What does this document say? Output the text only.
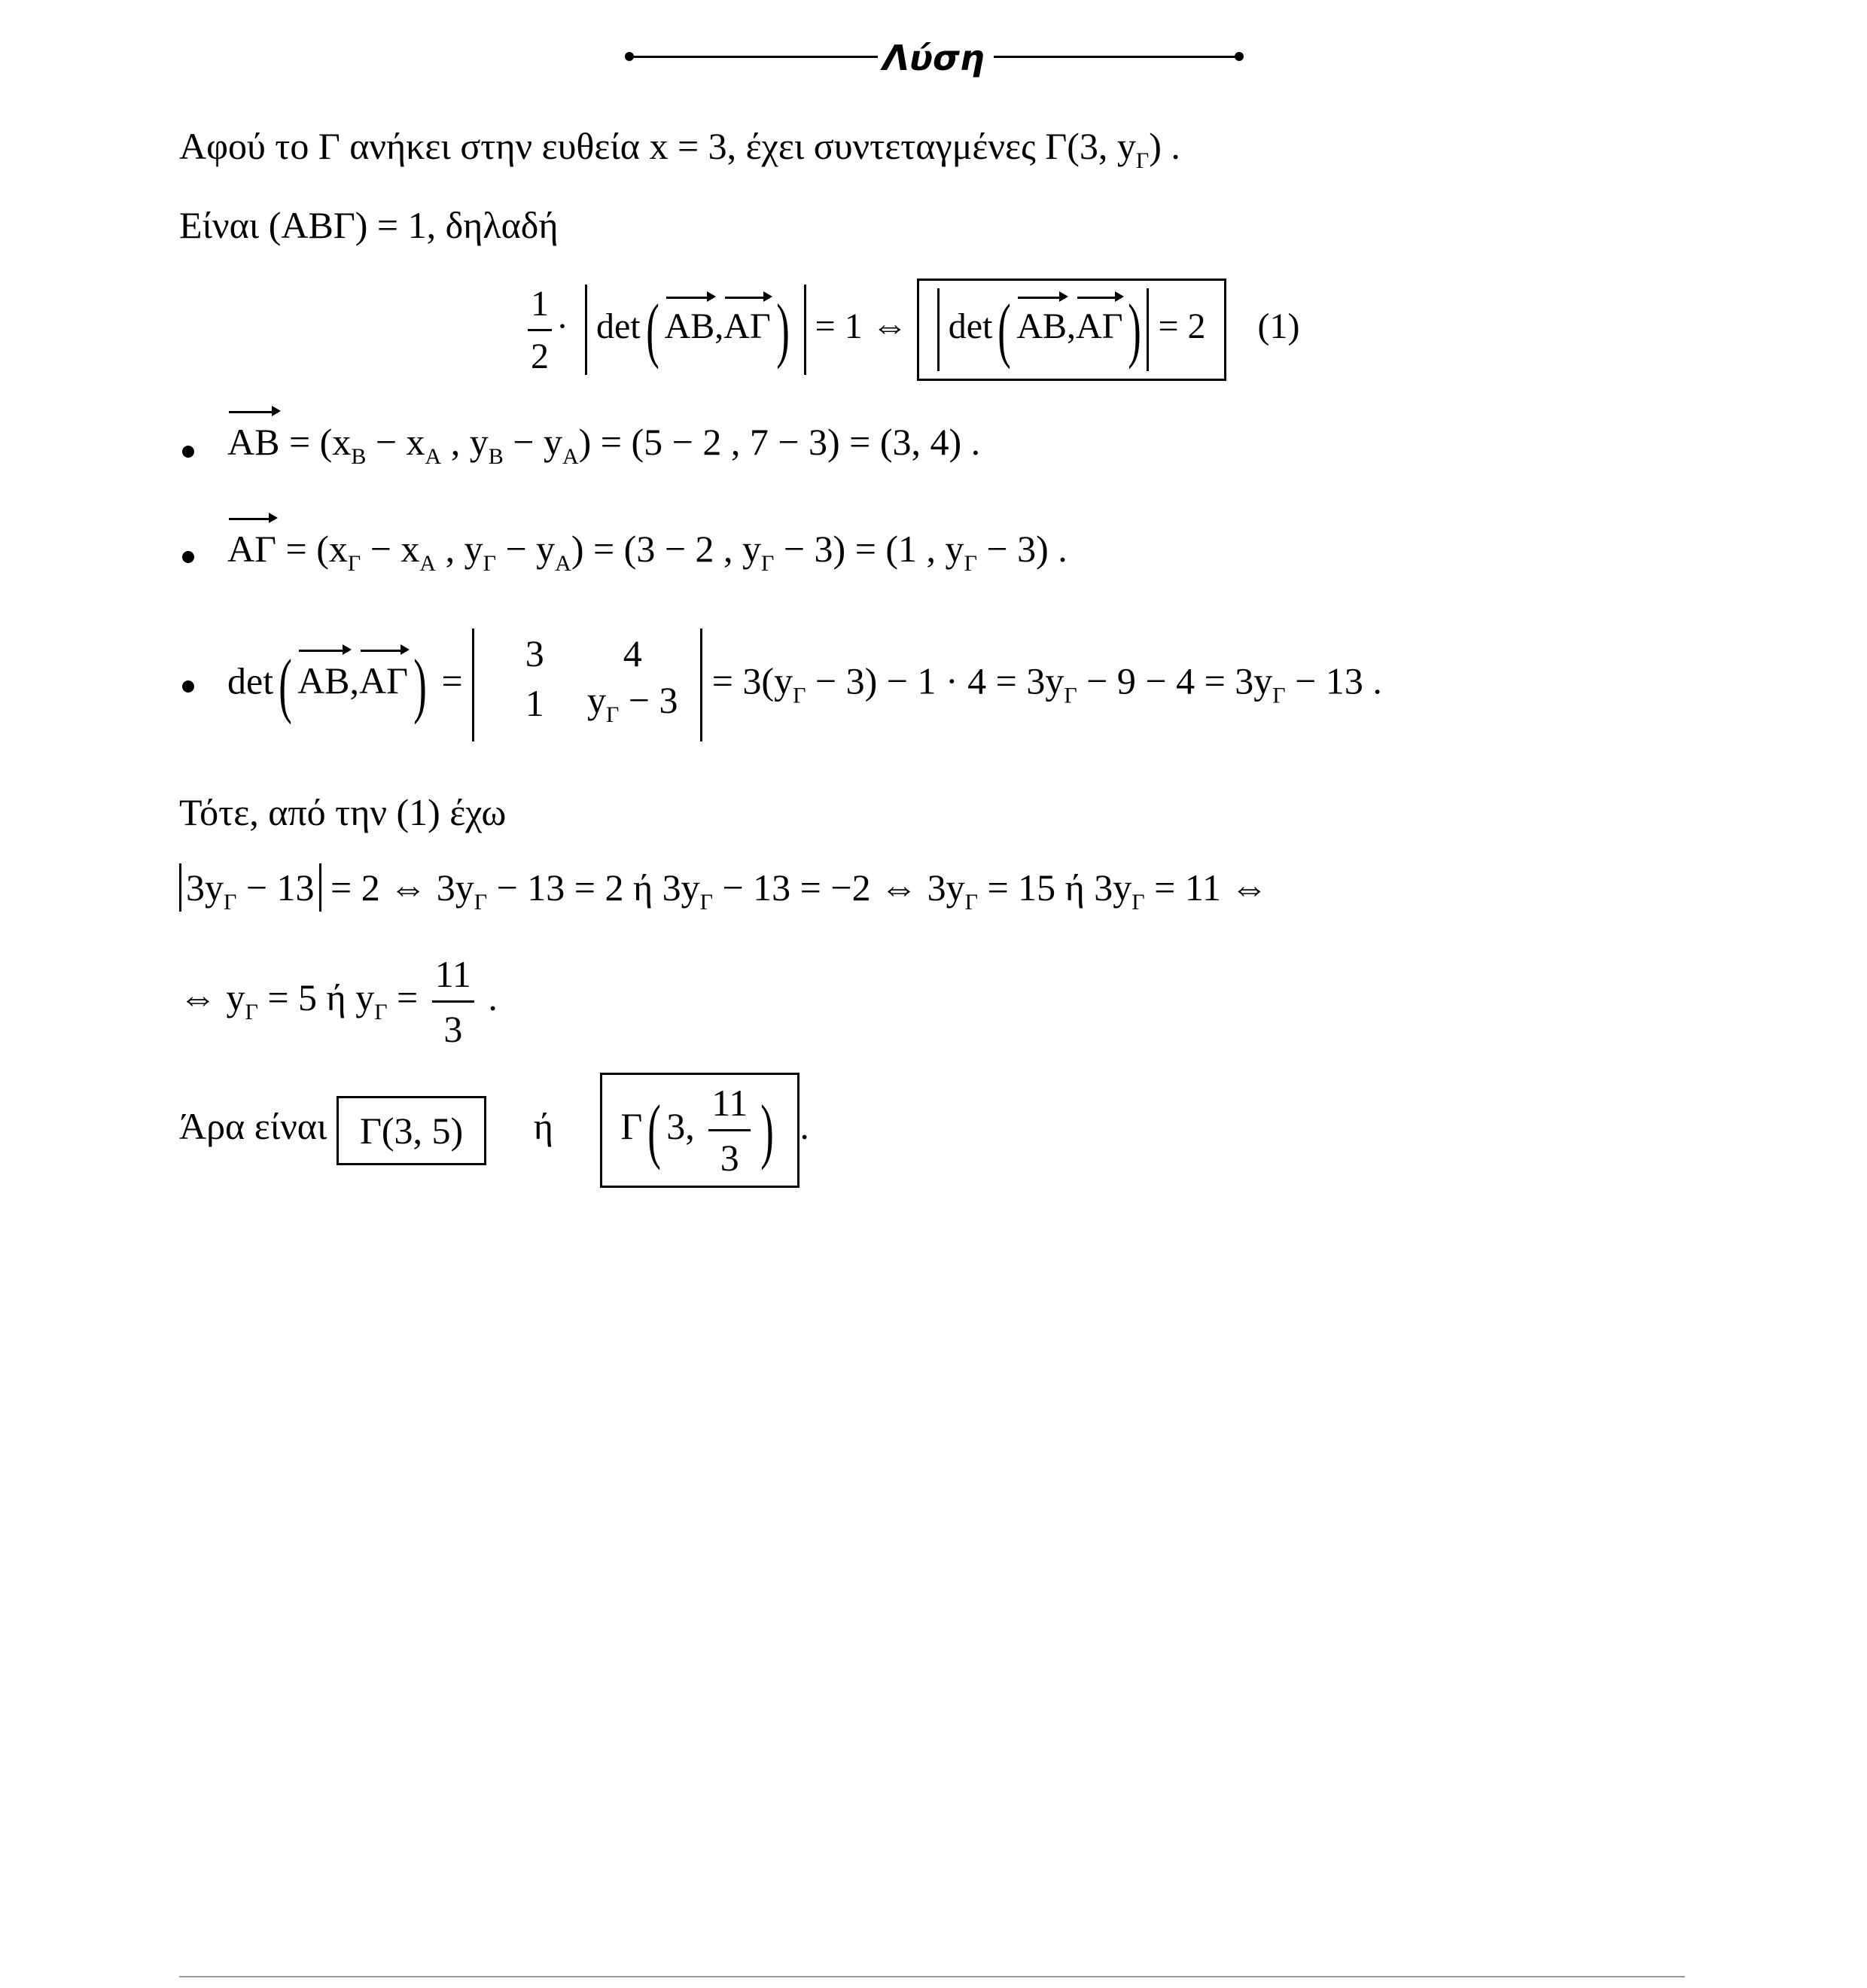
Λύση
Αφού το Γ ανήκει στην ευθεία x = 3, έχει συντεταγμένες Γ(3, $y_\Gamma$) .
Είναι (ΑΒΓ) = 1, δηλαδή
$\frac{1}{2} \cdot \det$( ΑΒ,ΑΓ) = 1 ⇔ det( ΑΒ,ΑΓ) = 2 (1)
$AB = (x_B - x_A$ , $y_B - y_A) = (5 - 2$ , 7 − 3) = (3, 4) .
$A\Gamma = (x_\Gamma - x_A$ , $y_\Gamma - y_A) = (3 - 2$ , $y_\Gamma - 3) = (1$ , $y_\Gamma - 3$) .
det( ΑΒ,ΑΓ) =
3 4
1 $y_\Gamma - 3 = 3(y_\Gamma - 3) - 1 \cdot 4 = 3y_\Gamma - 9 - 4 = 3y_\Gamma - 13$ .
Τότε, από την (1) έχω
$3y_\Gamma - 13 = 2$ ⇔ $3y_\Gamma - 13 = 2$ ή $3y_\Gamma - 13 = -2$ ⇔ $3y_\Gamma = 15$ ή $3y_\Gamma = 11$ ⇔
⇔ $y_\Gamma = 5$ ή $y_\Gamma = \frac{11}{3}$ .
Άρα είναι Γ(3, 5) ή Γ( 3, $\frac{11}{3}$ ) .
